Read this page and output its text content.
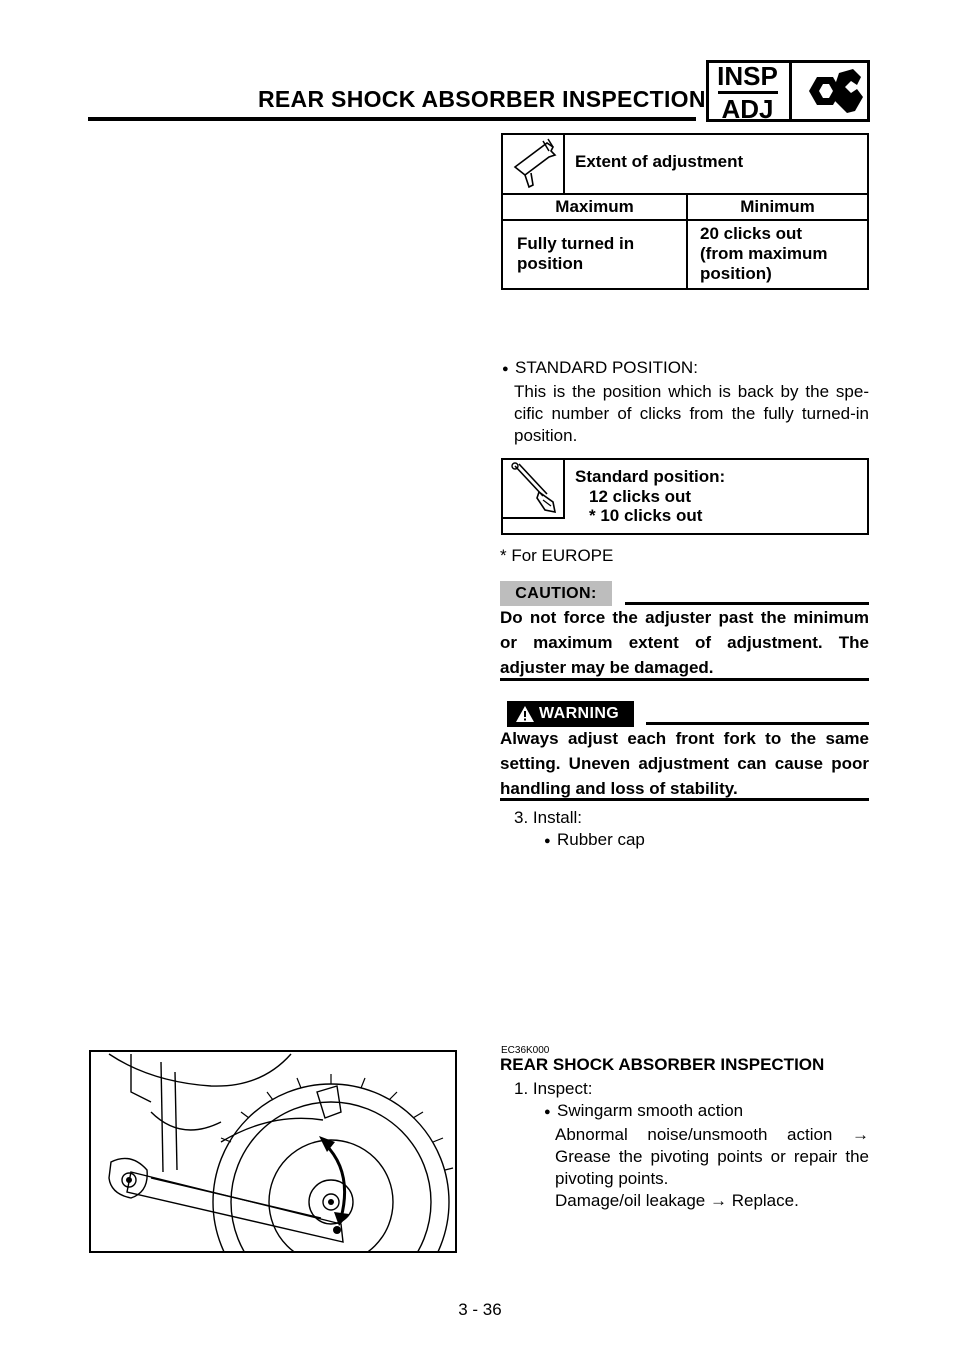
REAR SHOCK ABSORBER INSPECTION
INSP
ADJ
Extent of adjustment
Maximum	Minimum
Fully turned in
position
20 clicks out
(from maximum
position)
● STANDARD POSITION:
This is the position which is back by the spe-
cific number of clicks from the fully turned-in
position.
Standard position:
12 clicks out
* 10 clicks out
* For EUROPE
CAUTION:
Do not force the adjuster past the minimum
or maximum extent of adjustment. The
adjuster may be damaged.
WARNING
Always adjust each front fork to the same
setting. Uneven adjustment can cause poor
handling and loss of stability.
3. Install:
● Rubber cap
EC36K000
REAR SHOCK ABSORBER INSPECTION
1. Inspect:
● Swingarm smooth action
Abnormal noise/unsmooth action →
Grease the pivoting points or repair the
pivoting points.
Damage/oil leakage → Replace.
3 - 36
